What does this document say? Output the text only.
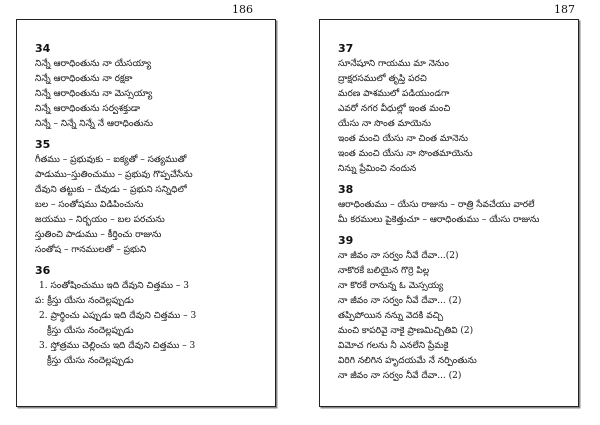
186
34
నిన్నే ఆరాధింతును నా యేసయ్యా
నిన్నే ఆరాధింతును నా రక్షకా
నిన్నే ఆరాధింతును నా మెస్సయ్యా
నిన్నే ఆరాధింతును సర్వశక్తుడా
నిన్నే – నిన్నే నిన్నే నే ఆరాధింతును
35
గీతము – ప్రభువుకు – ఐక్యతో – సత్యముతో
పాడుము–స్తుతించుము – ప్రభువు గొప్పచేసేను
దేవుని తట్టుకు – దేవుడు – ప్రభుని సన్నిధిలో
బల – సంతోషము విడిపించును
జయము – నిర్భయం – బల పరచును
స్తుతించి పాడుము – కీర్తించు రాజును
సంతోష – గానములతో – ప్రభుని
36
1. సంతోషించుము ఇది దేవుని చిత్తము – 3
ప: క్రీస్తు యేసు నందెల్లప్పుడు
2. ప్రార్థించు ఎప్పుడు ఇది దేవుని చిత్తము – 3
క్రీస్తు యేసు నందెల్లప్పుడు
3. స్తోత్రము చెల్లించు ఇది దేవుని చిత్తము – 3
క్రీస్తు యేసు నందెల్లప్పుడు
187
37
సూనేషూని గాయము మా నెనుం
ద్రాక్షరసములో తృప్తి పరచి
మరణ పాశములో పడియుండగా
ఎవరో నగర వీధుల్లో ఇంత మంచి
యేసు నా సొంత మాయెను
ఇంత మంచి యేసు నా చింత మానెను
ఇంత మంచి యేసు నా సొంతమాయెను
నిన్ను ప్రేమించి నందున
38
ఆరాధింతుము – యేసు రాజును – రాత్రి సేవచేయు వారలే
మీ కరములు పైకెత్తుచూ – ఆరాధింతుము – యేసు రాజును
39
నా జీవం నా సర్వం నీవే దేవా...(2)
నాకొరకే బలియైన గొర్రె పిల్ల
నా కొరకే రానున్న ఓ మెస్సయ్య
నా జీవం నా సర్వం నీవే దేవా... (2)
తప్పిపోయిన నన్ను వెదకి వచ్చి
మంచి కాపరివై నాకై ప్రాణమిచ్చితివి (2)
విమోచ గలను నీ ఎనలేని ప్రేమకై
విరిగి నలిగిన హృదయమే నే నర్పింతును
నా జీవం నా సర్వం నీవే దేవా... (2)
